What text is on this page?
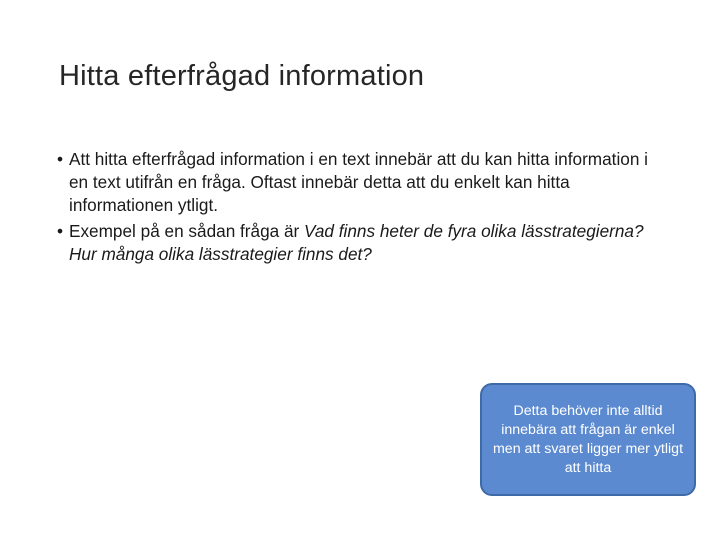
Hitta efterfrågad information
• Att hitta efterfrågad information i en text innebär att du kan hitta information i en text utifrån en fråga. Oftast innebär detta att du enkelt kan hitta informationen ytligt.
• Exempel på en sådan fråga är Vad finns heter de fyra olika lässtrategierna? Hur många olika lässtrategier finns det?
Detta behöver inte alltid innebära att frågan är enkel men att svaret ligger mer ytligt att hitta
